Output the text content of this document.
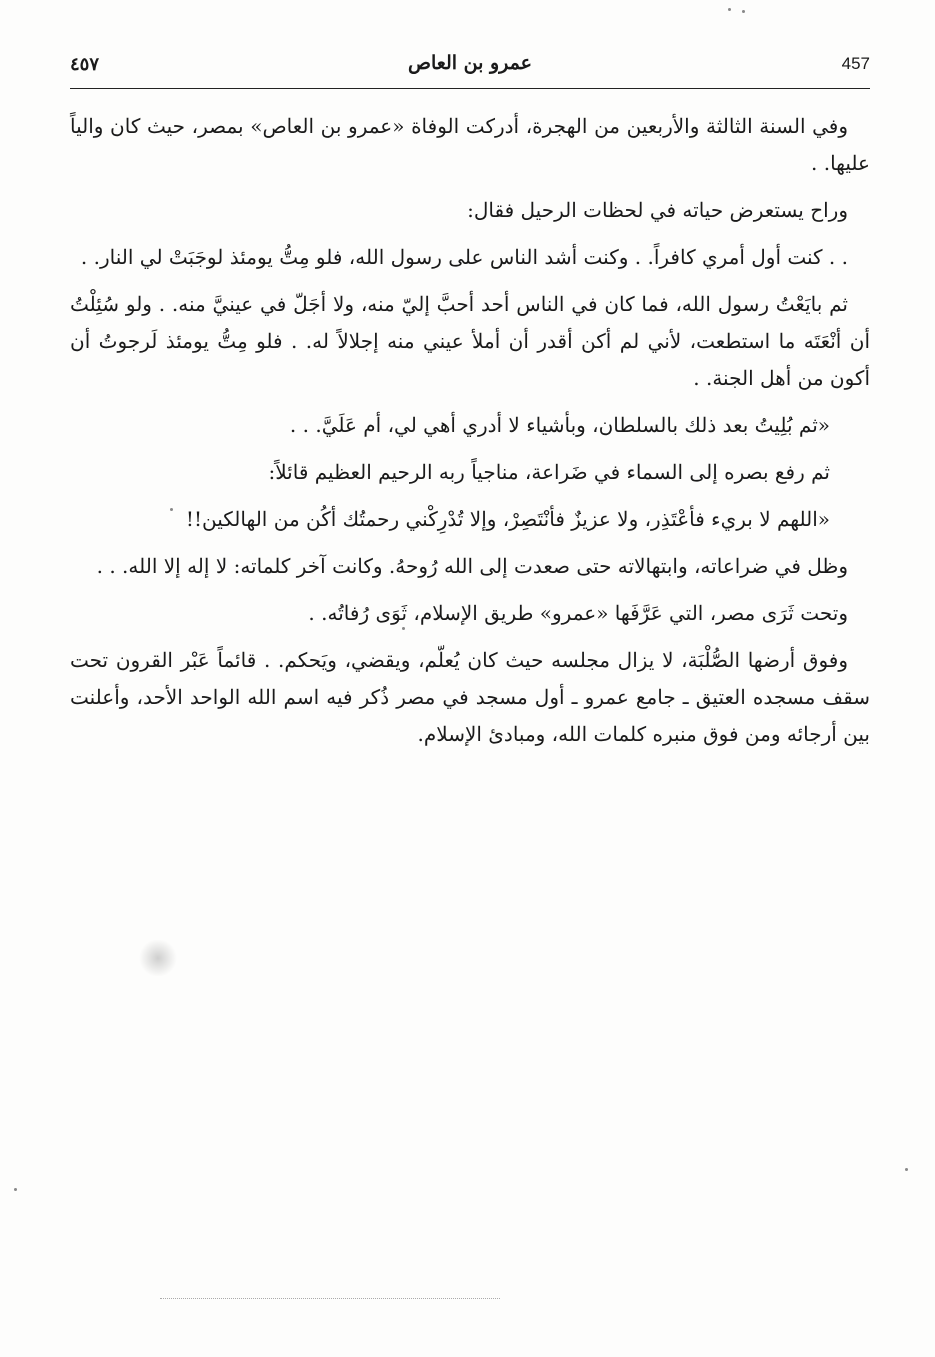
457
عمرو بن العاص
٤٥٧

وفي السنة الثالثة والأربعين من الهجرة، أدركت الوفاة «عمرو بن العاص» بمصر، حيث كان والياً عليها. .

وراح يستعرض حياته في لحظات الرحيل فقال:

. . كنت أول أمري كافراً. . وكنت أشد الناس على رسول الله، فلو مِتُّ يومئذ لوجَبَتْ لي النار. .

ثم بايَعْتُ رسول الله، فما كان في الناس أحد أحبَّ إليّ منه، ولا أجَلّ في عينيَّ منه. . ولو سُئِلْتُ أن أنْعَتَه ما استطعت، لأني لم أكن أقدر أن أملأ عيني منه إجلالاً له. . فلو مِتُّ يومئذ لَرجوتُ أن أكون من أهل الجنة. .

«ثم بُلِيتُ بعد ذلك بالسلطان، وبأشياء لا أدري أهي لي، أم عَلَيَّ. . .

ثم رفع بصره إلى السماء في ضَراعة، مناجياً ربه الرحيم العظيم قائلاً:

«اللهم لا بريء فأعْتَذِر، ولا عزيزٌ فأنْتَصِرْ، وإلا تُدْرِكْني رحمتُك أكُن من الهالكين!!

وظل في ضراعاته، وابتهالاته حتى صعدت إلى الله رُوحهُ. وكانت آخر كلماته: لا إله إلا الله. . .

وتحت ثَرَى مصر، التي عَرَّفَها «عمرو» طريق الإسلام، ثَوَى رُفاتُه. .

وفوق أرضها الصُّلْبَة، لا يزال مجلسه حيث كان يُعلّم، ويقضي، ويَحكم. . قائماً عَبْر القرون تحت سقف مسجده العتيق ـ جامع عمرو ـ أول مسجد في مصر ذُكر فيه اسم الله الواحد الأحد، وأعلنت بين أرجائه ومن فوق منبره كلمات الله، ومبادئ الإسلام.
